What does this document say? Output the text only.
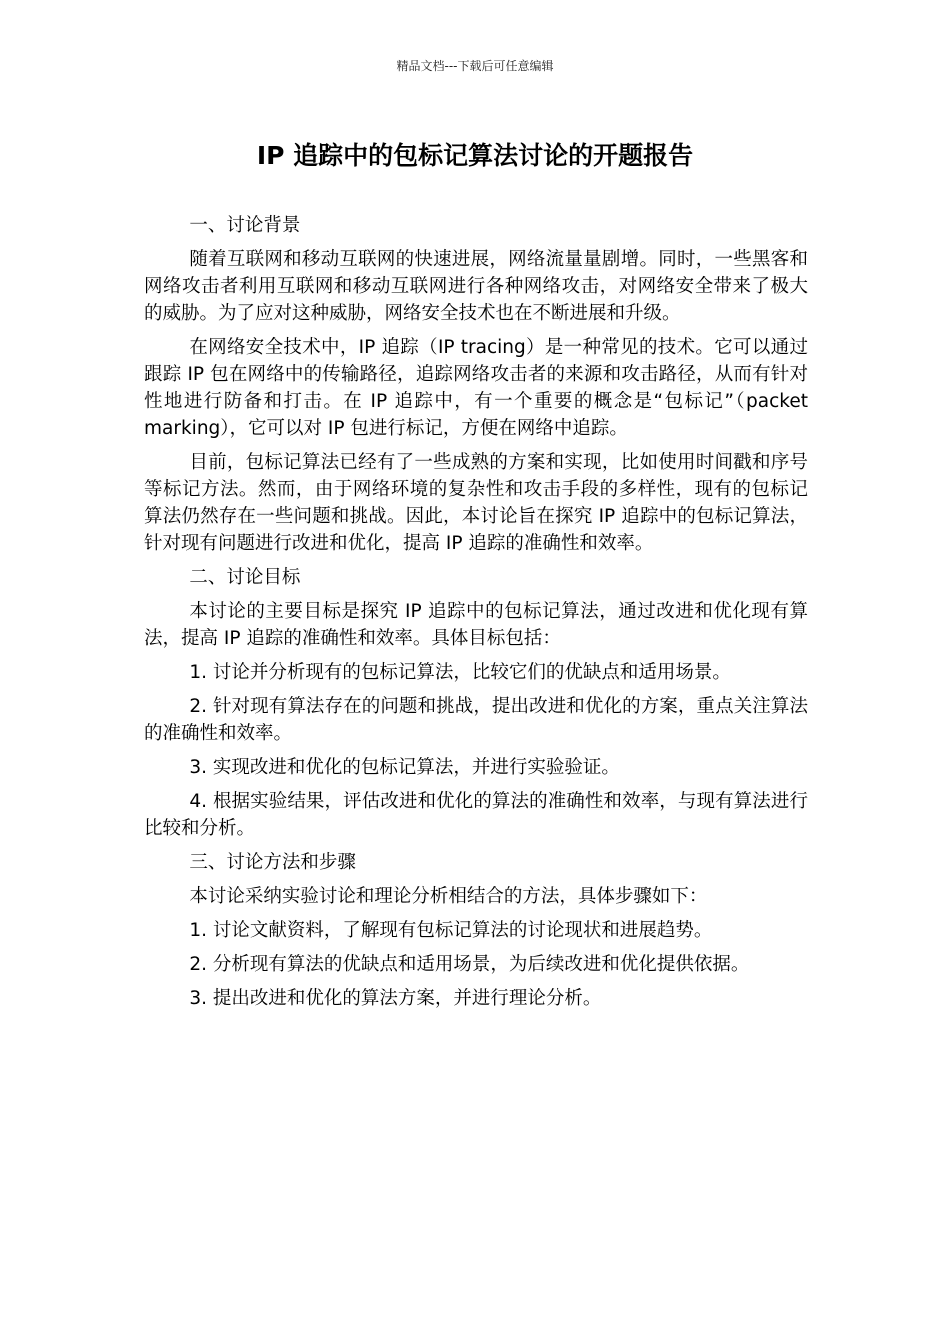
精品文档---下载后可任意编辑
IP 追踪中的包标记算法讨论的开题报告

一、讨论背景

随着互联网和移动互联网的快速进展，网络流量量剧增。同时，一些黑客和网络攻击者利用互联网和移动互联网进行各种网络攻击，对网络安全带来了极大的威胁。为了应对这种威胁，网络安全技术也在不断进展和升级。

在网络安全技术中，IP 追踪（IP tracing）是一种常见的技术。它可以通过跟踪 IP 包在网络中的传输路径，追踪网络攻击者的来源和攻击路径，从而有针对性地进行防备和打击。在 IP 追踪中，有一个重要的概念是“包标记”（packet marking），它可以对 IP 包进行标记，方便在网络中追踪。

目前，包标记算法已经有了一些成熟的方案和实现，比如使用时间戳和序号等标记方法。然而，由于网络环境的复杂性和攻击手段的多样性，现有的包标记算法仍然存在一些问题和挑战。因此，本讨论旨在探究 IP 追踪中的包标记算法，针对现有问题进行改进和优化，提高 IP 追踪的准确性和效率。

二、讨论目标

本讨论的主要目标是探究 IP 追踪中的包标记算法，通过改进和优化现有算法，提高 IP 追踪的准确性和效率。具体目标包括：

1. 讨论并分析现有的包标记算法，比较它们的优缺点和适用场景。

2. 针对现有算法存在的问题和挑战，提出改进和优化的方案，重点关注算法的准确性和效率。

3. 实现改进和优化的包标记算法，并进行实验验证。

4. 根据实验结果，评估改进和优化的算法的准确性和效率，与现有算法进行比较和分析。

三、讨论方法和步骤

本讨论采纳实验讨论和理论分析相结合的方法，具体步骤如下：

1. 讨论文献资料，了解现有包标记算法的讨论现状和进展趋势。

2. 分析现有算法的优缺点和适用场景，为后续改进和优化提供依据。

3. 提出改进和优化的算法方案，并进行理论分析。
